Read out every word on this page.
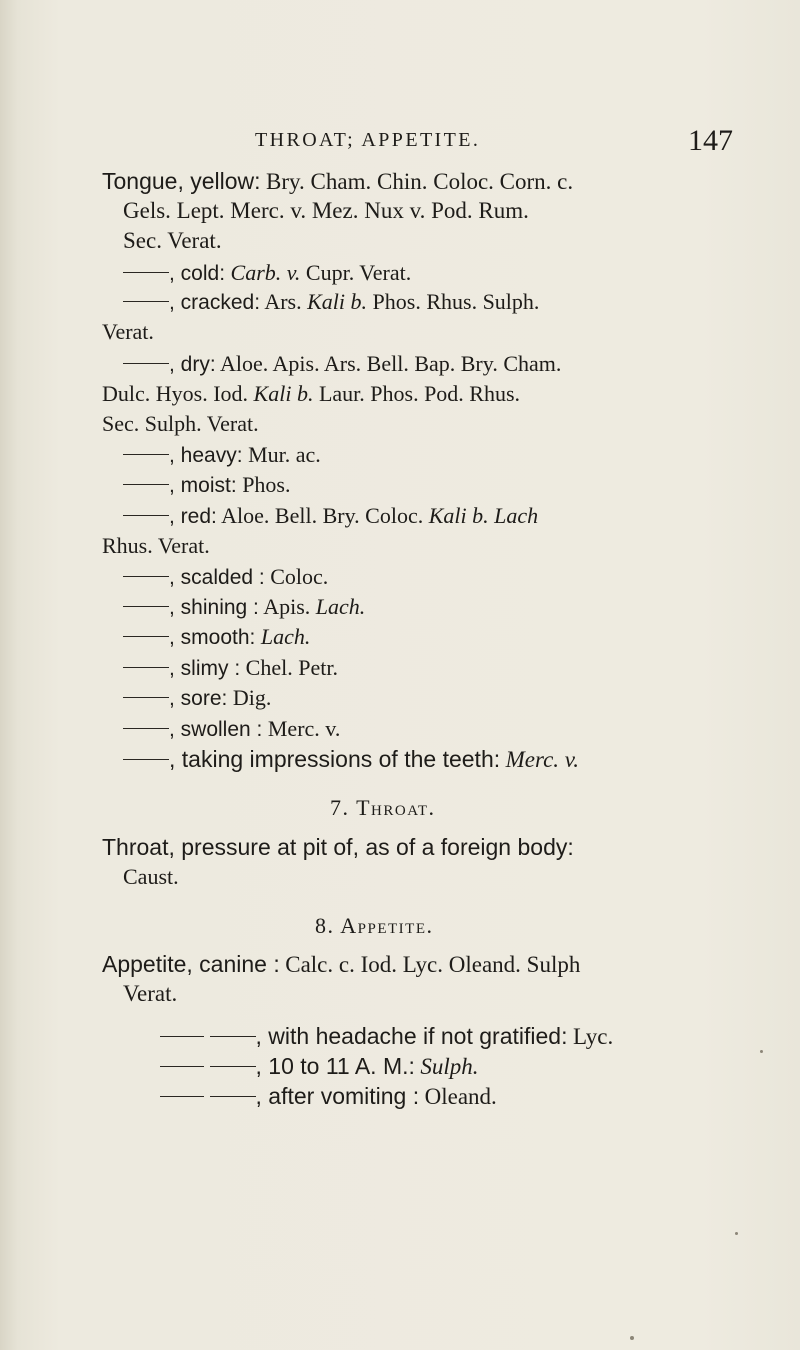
THROAT; APPETITE.	147
Tongue, yellow: Bry. Cham. Chin. Coloc. Corn. c.
Gels. Lept. Merc. v. Mez. Nux v. Pod. Rum.
Sec. Verat.
, cold: Carb. v. Cupr. Verat.
, cracked: Ars. Kali b. Phos. Rhus. Sulph.
Verat.
, dry: Aloe. Apis. Ars. Bell. Bap. Bry. Cham.
Dulc. Hyos. Iod. Kali b. Laur. Phos. Pod. Rhus.
Sec. Sulph. Verat.
, heavy: Mur. ac.
, moist: Phos.
, red: Aloe. Bell. Bry. Coloc. Kali b. Lach
Rhus. Verat.
, scalded : Coloc.
, shining : Apis. Lach.
, smooth: Lach.
, slimy : Chel. Petr.
, sore: Dig.
, swollen : Merc. v.
, taking impressions of the teeth: Merc. v.
7. Throat.
Throat, pressure at pit of, as of a foreign body:
Caust.
8. Appetite.
Appetite, canine : Calc. c. Iod. Lyc. Oleand. Sulph
Verat.
, with headache if not gratified: Lyc.
, 10 to 11 A. M.: Sulph.
, after vomiting : Oleand.
